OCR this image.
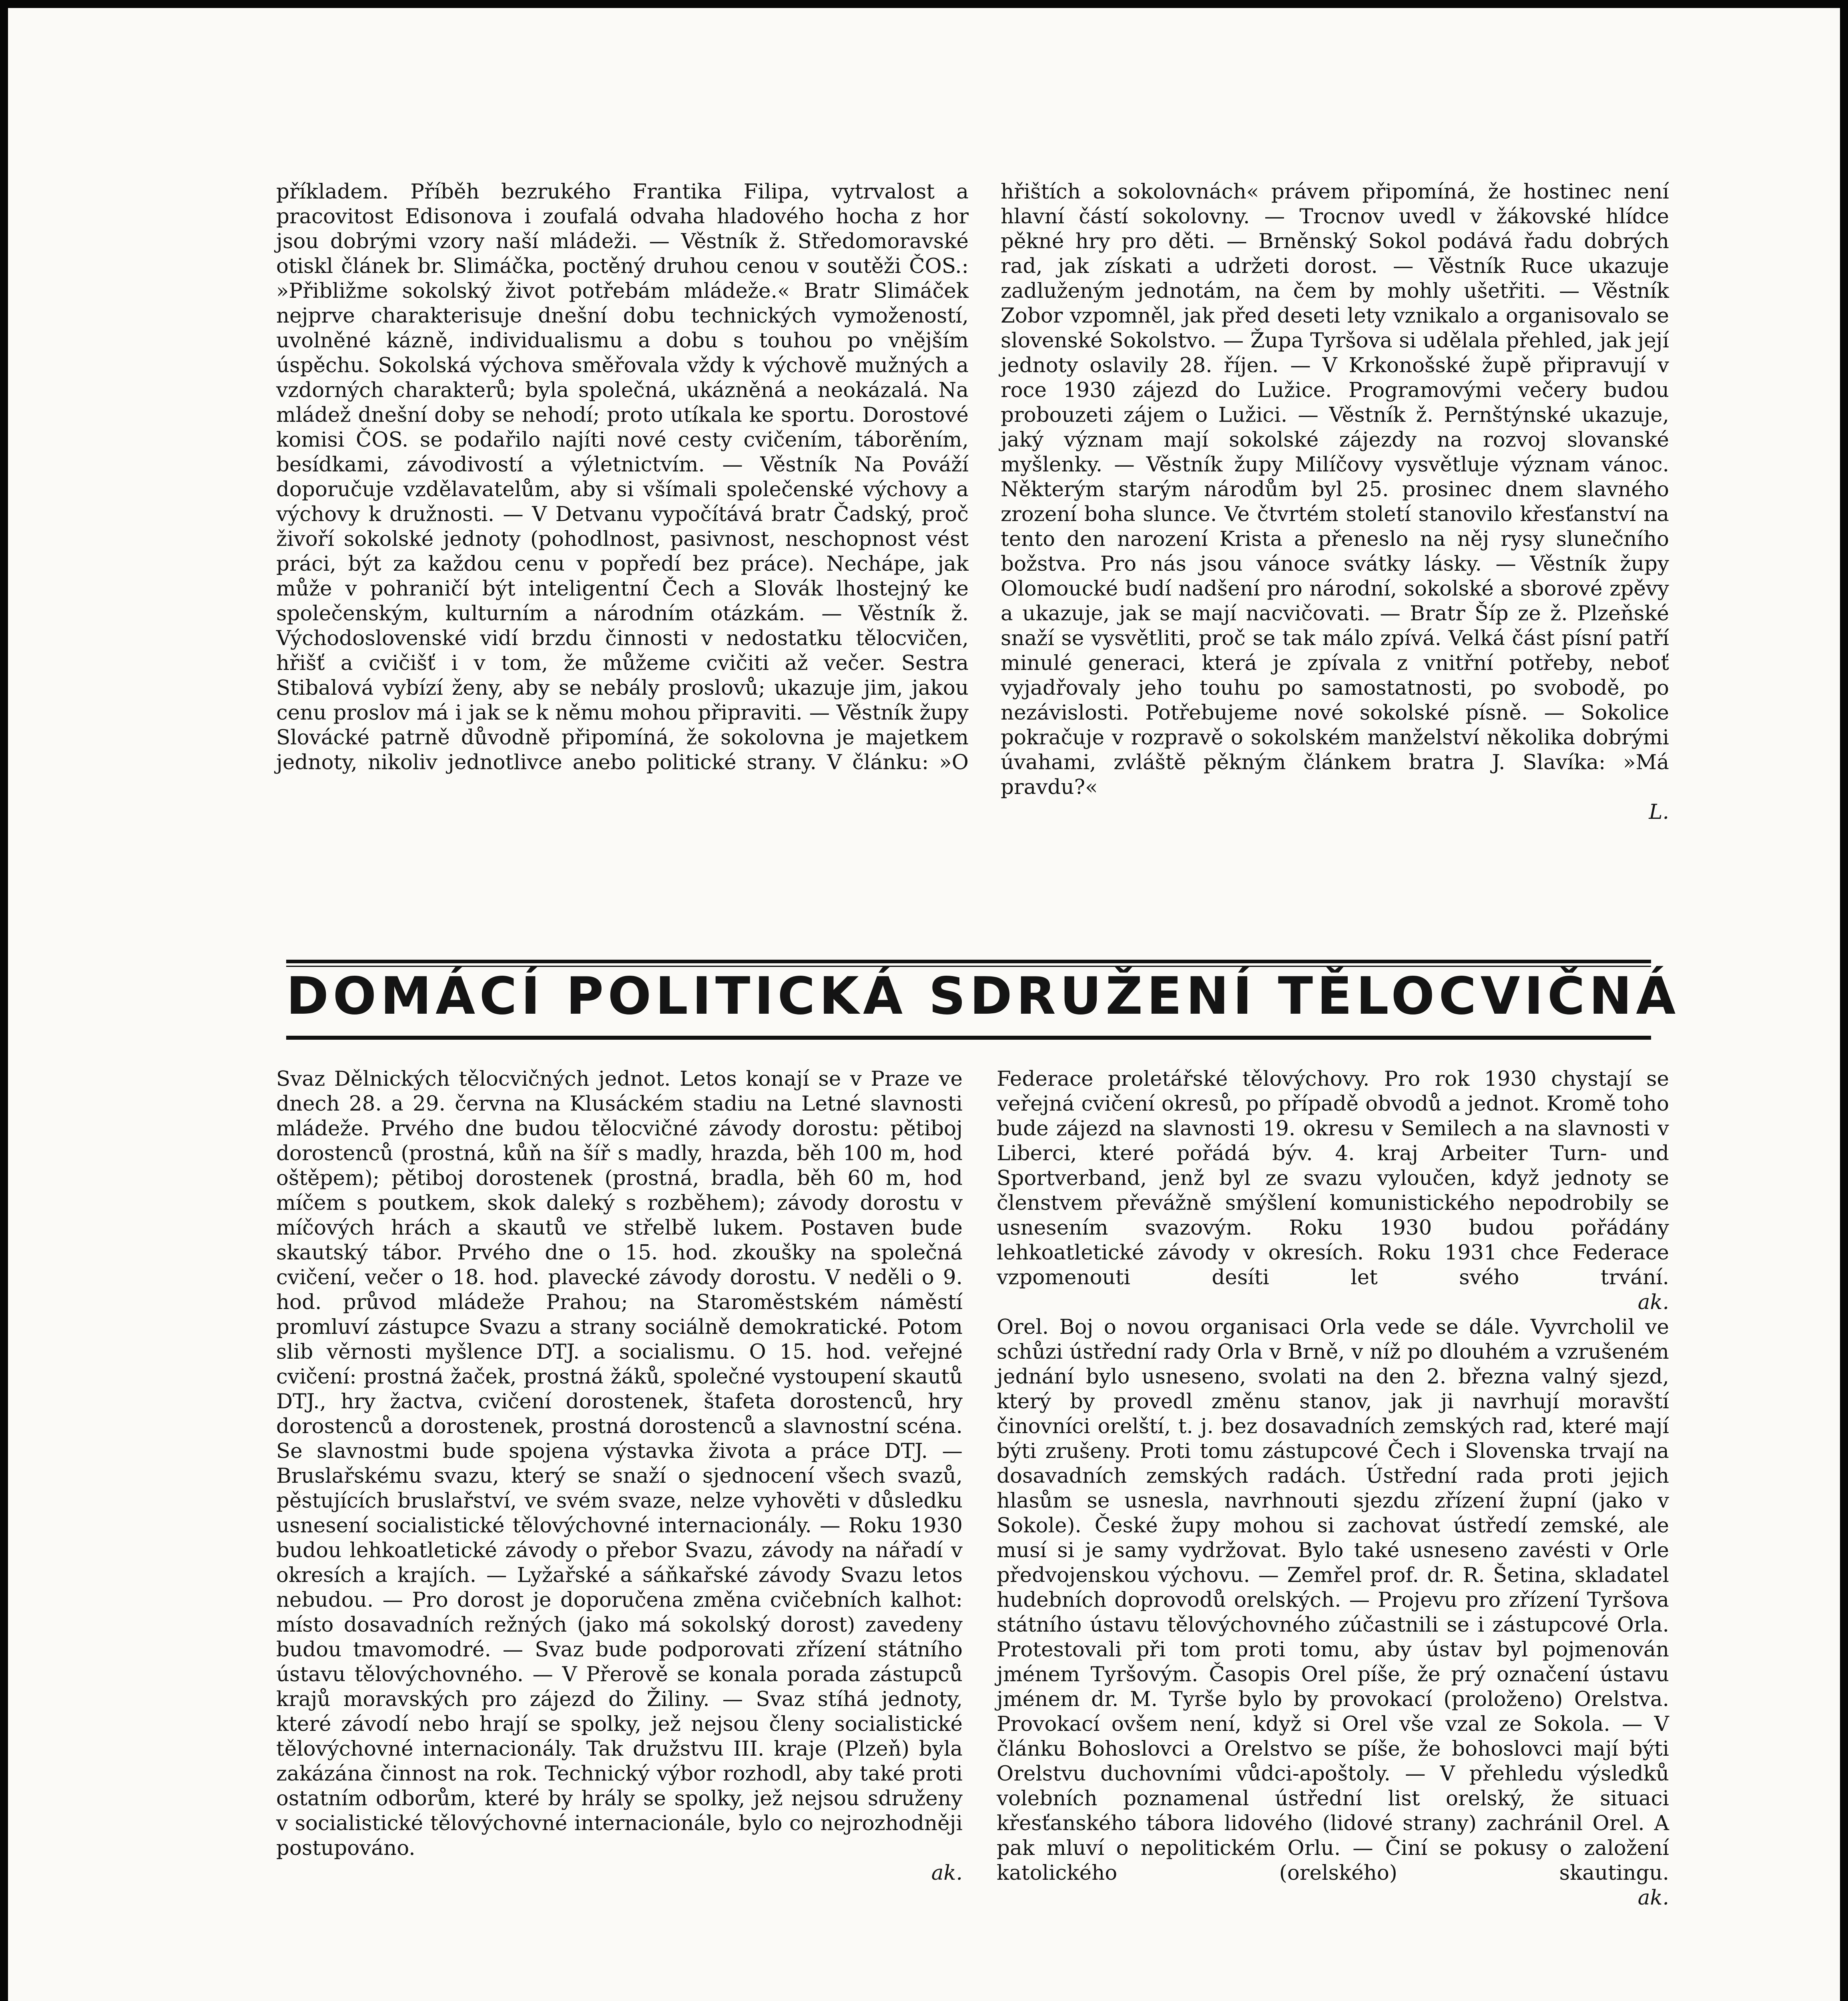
příkladem. Příběh bezrukého Frantika Filipa, vytrvalost a pracovitost Edisonova i zoufalá odvaha hladového hocha z hor jsou dobrými vzory naší mládeži. — Věstník ž. Středomoravské otiskl článek br. Slimáčka, poctěný druhou cenou v soutěži ČOS.: »Přibližme sokolský život potřebám mládeže.« Bratr Slimáček nejprve charakterisuje dnešní dobu technických vymožeností, uvolněné kázně, individualismu a dobu s touhou po vnějším úspěchu. Sokolská výchova směřovala vždy k výchově mužných a vzdorných charakterů; byla společná, ukázněná a neokázalá. Na mládež dnešní doby se nehodí; proto utíkala ke sportu. Dorostové komisi ČOS. se podařilo najíti nové cesty cvičením, táborěním, besídkami, závodivostí a výletnictvím. — Věstník Na Pováží doporučuje vzdělavatelům, aby si všímali společenské výchovy a výchovy k družnosti. — V Detvanu vypočítává bratr Čadský, proč živoří sokolské jednoty (pohodlnost, pasivnost, neschopnost vést práci, být za každou cenu v popředí bez práce). Nechápe, jak může v pohraničí být inteligentní Čech a Slovák lhostejný ke společenským, kulturním a národním otázkám. — Věstník ž. Východoslovenské vidí brzdu činnosti v nedostatku tělocvičen, hřišť a cvičišť i v tom, že můžeme cvičiti až večer. Sestra Stibalová vybízí ženy, aby se nebály proslovů; ukazuje jim, jakou cenu proslov má i jak se k němu mohou připraviti. — Věstník župy Slovácké patrně důvodně připomíná, že sokolovna je majetkem jednoty, nikoliv jednotlivce anebo politické strany. V článku: »O

hřištích a sokolovnách« právem připomíná, že hostinec není hlavní částí sokolovny. — Trocnov uvedl v žákovské hlídce pěkné hry pro děti. — Brněnský Sokol podává řadu dobrých rad, jak získati a udržeti dorost. — Věstník Ruce ukazuje zadluženým jednotám, na čem by mohly ušetřiti. — Věstník Zobor vzpomněl, jak před deseti lety vznikalo a organisovalo se slovenské Sokolstvo. — Župa Tyršova si udělala přehled, jak její jednoty oslavily 28. říjen. — V Krkonošské župě připravují v roce 1930 zájezd do Lužice. Programovými večery budou probouzeti zájem o Lužici. — Věstník ž. Pernštýnské ukazuje, jaký význam mají sokolské zájezdy na rozvoj slovanské myšlenky. — Věstník župy Milíčovy vysvětluje význam vánoc. Některým starým národům byl 25. prosinec dnem slavného zrození boha slunce. Ve čtvrtém století stanovilo křesťanství na tento den narození Krista a přeneslo na něj rysy slunečního božstva. Pro nás jsou vánoce svátky lásky. — Věstník župy Olomoucké budí nadšení pro národní, sokolské a sborové zpěvy a ukazuje, jak se mají nacvičovati. — Bratr Šíp ze ž. Plzeňské snaží se vysvětliti, proč se tak málo zpívá. Velká část písní patří minulé generaci, která je zpívala z vnitřní potřeby, neboť vyjadřovaly jeho touhu po samostatnosti, po svobodě, po nezávislosti. Potřebujeme nové sokolské písně. — Sokolice pokračuje v rozpravě o sokolském manželství několika dobrými úvahami, zvláště pěkným článkem bratra J. Slavíka: »Má pravdu?«

L.
DOMÁCÍ POLITICKÁ SDRUŽENÍ TĚLOCVIČNÁ

Svaz Dělnických tělocvičných jednot. Letos konají se v Praze ve dnech 28. a 29. června na Klusáckém stadiu na Letné slavnosti mládeže. Prvého dne budou tělocvičné závody dorostu: pětiboj dorostenců (prostná, kůň na šíř s madly, hrazda, běh 100 m, hod oštěpem); pětiboj dorostenek (prostná, bradla, běh 60 m, hod míčem s poutkem, skok daleký s rozběhem); závody dorostu v míčových hrách a skautů ve střelbě lukem. Postaven bude skautský tábor. Prvého dne o 15. hod. zkoušky na společná cvičení, večer o 18. hod. plavecké závody dorostu. V neděli o 9. hod. průvod mládeže Prahou; na Staroměstském náměstí promluví zástupce Svazu a strany sociálně demokratické. Potom slib věrnosti myšlence DTJ. a socialismu. O 15. hod. veřejné cvičení: prostná žaček, prostná žáků, společné vystoupení skautů DTJ., hry žactva, cvičení dorostenek, štafeta dorostenců, hry dorostenců a dorostenek, prostná dorostenců a slavnostní scéna. Se slavnostmi bude spojena výstavka života a práce DTJ. — Bruslařskému svazu, který se snaží o sjednocení všech svazů, pěstujících bruslařství, ve svém svaze, nelze vyhověti v důsledku usnesení socialistické tělovýchovné internacionály. — Roku 1930 budou lehkoatletické závody o přebor Svazu, závody na nářadí v okresích a krajích. — Lyžařské a sáňkařské závody Svazu letos nebudou. — Pro dorost je doporučena změna cvičebních kalhot: místo dosavadních režných (jako má sokolský dorost) zavedeny budou tmavomodré. — Svaz bude podporovati zřízení státního ústavu tělovýchovného. — V Přerově se konala porada zástupců krajů moravských pro zájezd do Žiliny. — Svaz stíhá jednoty, které závodí nebo hrají se spolky, jež nejsou členy socialistické tělovýchovné internacionály. Tak družstvu III. kraje (Plzeň) byla zakázána činnost na rok. Technický výbor rozhodl, aby také proti ostatním odborům, které by hrály se spolky, jež nejsou sdruženy v socialistické tělovýchovné internacionále, bylo co nejrozhodněji postupováno.

ak.

Federace proletářské tělovýchovy. Pro rok 1930 chystají se veřejná cvičení okresů, po případě obvodů a jednot. Kromě toho bude zájezd na slavnosti 19. okresu v Semilech a na slavnosti v Liberci, které pořádá býv. 4. kraj Arbeiter Turn- und Sportverband, jenž byl ze svazu vyloučen, když jednoty se členstvem převážně smýšlení komunistického nepodrobily se usnesením svazovým. Roku 1930 budou pořádány lehkoatletické závody v okresích. Roku 1931 chce Federace vzpomenouti desíti let svého trvání.

ak.

Orel. Boj o novou organisaci Orla vede se dále. Vyvrcholil ve schůzi ústřední rady Orla v Brně, v níž po dlouhém a vzrušeném jednání bylo usneseno, svolati na den 2. března valný sjezd, který by provedl změnu stanov, jak ji navrhují moravští činovníci orelští, t. j. bez dosavadních zemských rad, které mají býti zrušeny. Proti tomu zástupcové Čech i Slovenska trvají na dosavadních zemských radách. Ústřední rada proti jejich hlasům se usnesla, navrhnouti sjezdu zřízení župní (jako v Sokole). České župy mohou si zachovat ústředí zemské, ale musí si je samy vydržovat. Bylo také usneseno zavésti v Orle předvojenskou výchovu. — Zemřel prof. dr. R. Šetina, skladatel hudebních doprovodů orelských. — Projevu pro zřízení Tyršova státního ústavu tělovýchovného zúčastnili se i zástupcové Orla. Protestovali při tom proti tomu, aby ústav byl pojmenován jménem Tyršovým. Časopis Orel píše, že prý označení ústavu jménem dr. M. Tyrše bylo by provokací (proloženo) Orelstva. Provokací ovšem není, když si Orel vše vzal ze Sokola. — V článku Bohoslovci a Orelstvo se píše, že bohoslovci mají býti Orelstvu duchovními vůdci-apoštoly. — V přehledu výsledků volebních poznamenal ústřední list orelský, že situaci křesťanského tábora lidového (lidové strany) zachránil Orel. A pak mluví o nepolitickém Orlu. — Činí se pokusy o založení katolického (orelského) skautingu.

ak.
